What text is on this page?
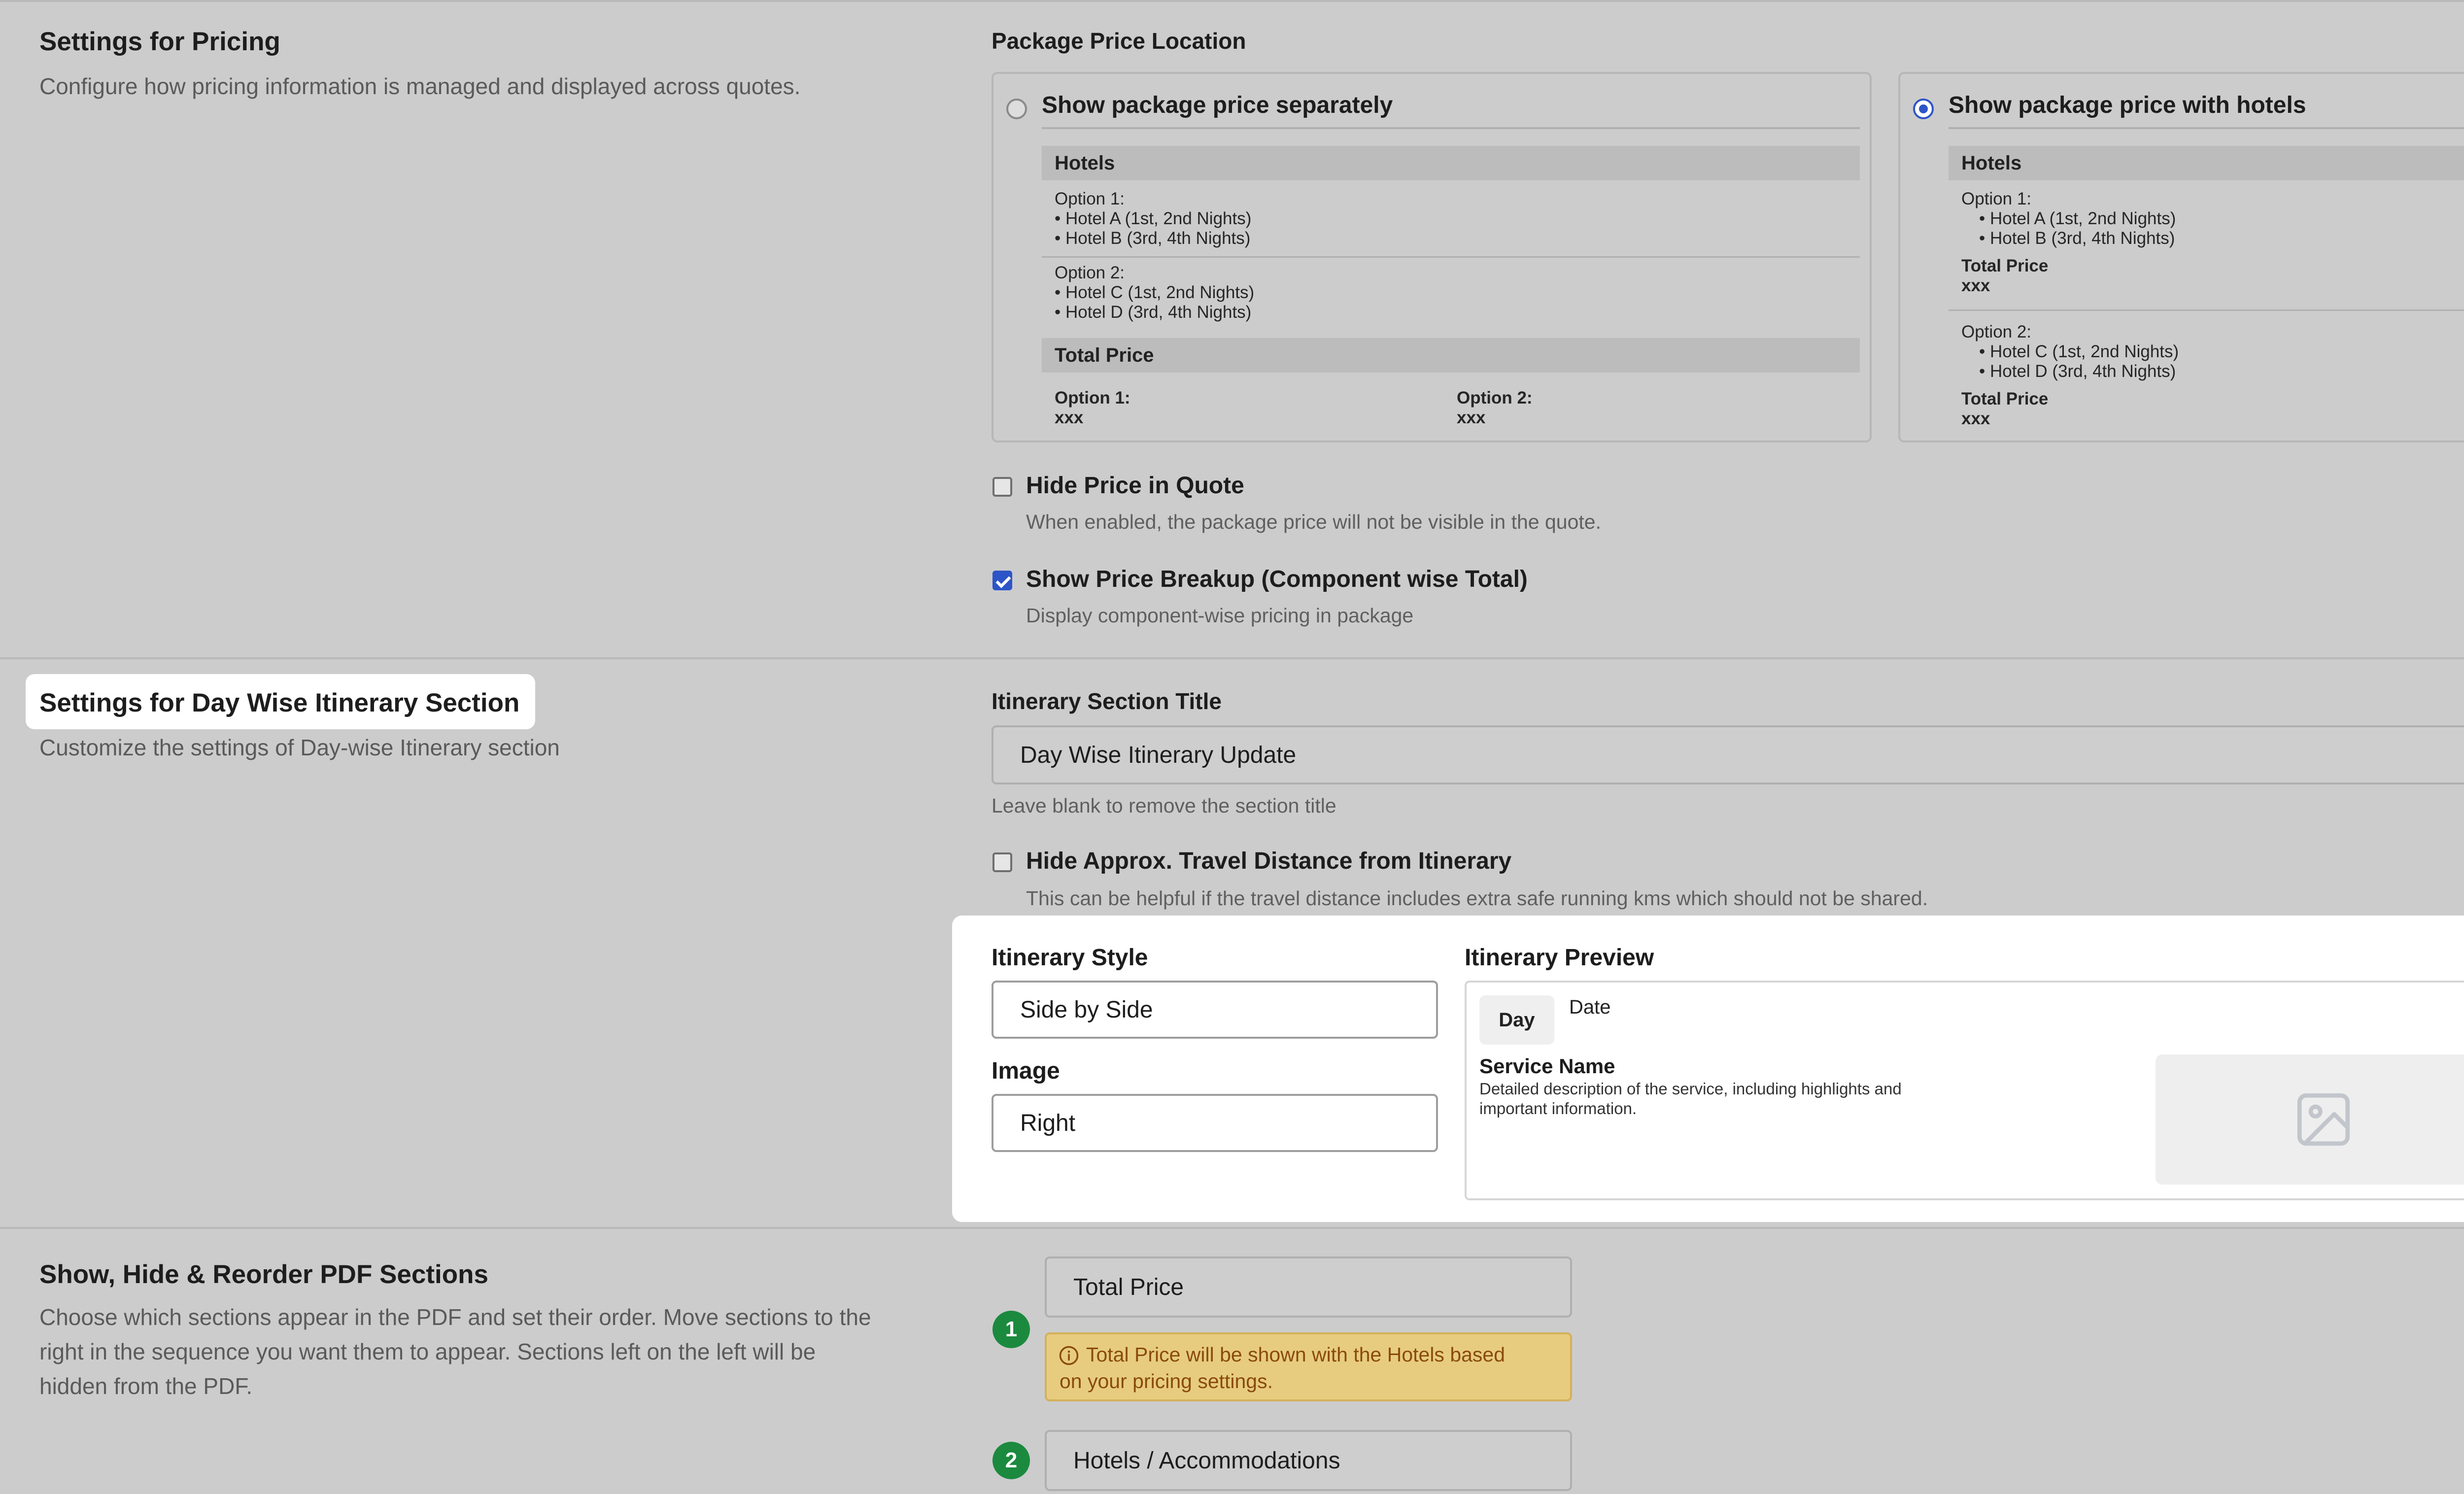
Settings for Pricing
Configure how pricing information is managed and displayed across quotes.
Package Price Location
Show package price separately
Hotels
Option 1:
• Hotel A (1st, 2nd Nights)
• Hotel B (3rd, 4th Nights)
Option 2:
• Hotel C (1st, 2nd Nights)
• Hotel D (3rd, 4th Nights)
Total Price
Option 1:
xxx
Option 2:
xxx
Show package price with hotels
Hotels
Option 1:
• Hotel A (1st, 2nd Nights)
• Hotel B (3rd, 4th Nights)
Total Price
xxx
Option 2:
• Hotel C (1st, 2nd Nights)
• Hotel D (3rd, 4th Nights)
Total Price
xxx
Hide Price in Quote
When enabled, the package price will not be visible in the quote.
Show Price Breakup (Component wise Total)
Display component-wise pricing in package
Settings for Day Wise Itinerary Section
Customize the settings of Day-wise Itinerary section
Itinerary Section Title
Day Wise Itinerary Update
Leave blank to remove the section title
Hide Approx. Travel Distance from Itinerary
This can be helpful if the travel distance includes extra safe running kms which should not be shared.
Itinerary Style
Side by Side
Image
Right
Itinerary Preview
Day
Date
Service Name
Detailed description of the service, including highlights and
important information.
Show, Hide & Reorder PDF Sections
Choose which sections appear in the PDF and set their order. Move sections to the
right in the sequence you want them to appear. Sections left on the left will be
hidden from the PDF.
Total Price
1
Total Price will be shown with the Hotels based
on your pricing settings.
2	Hotels / Accommodations
